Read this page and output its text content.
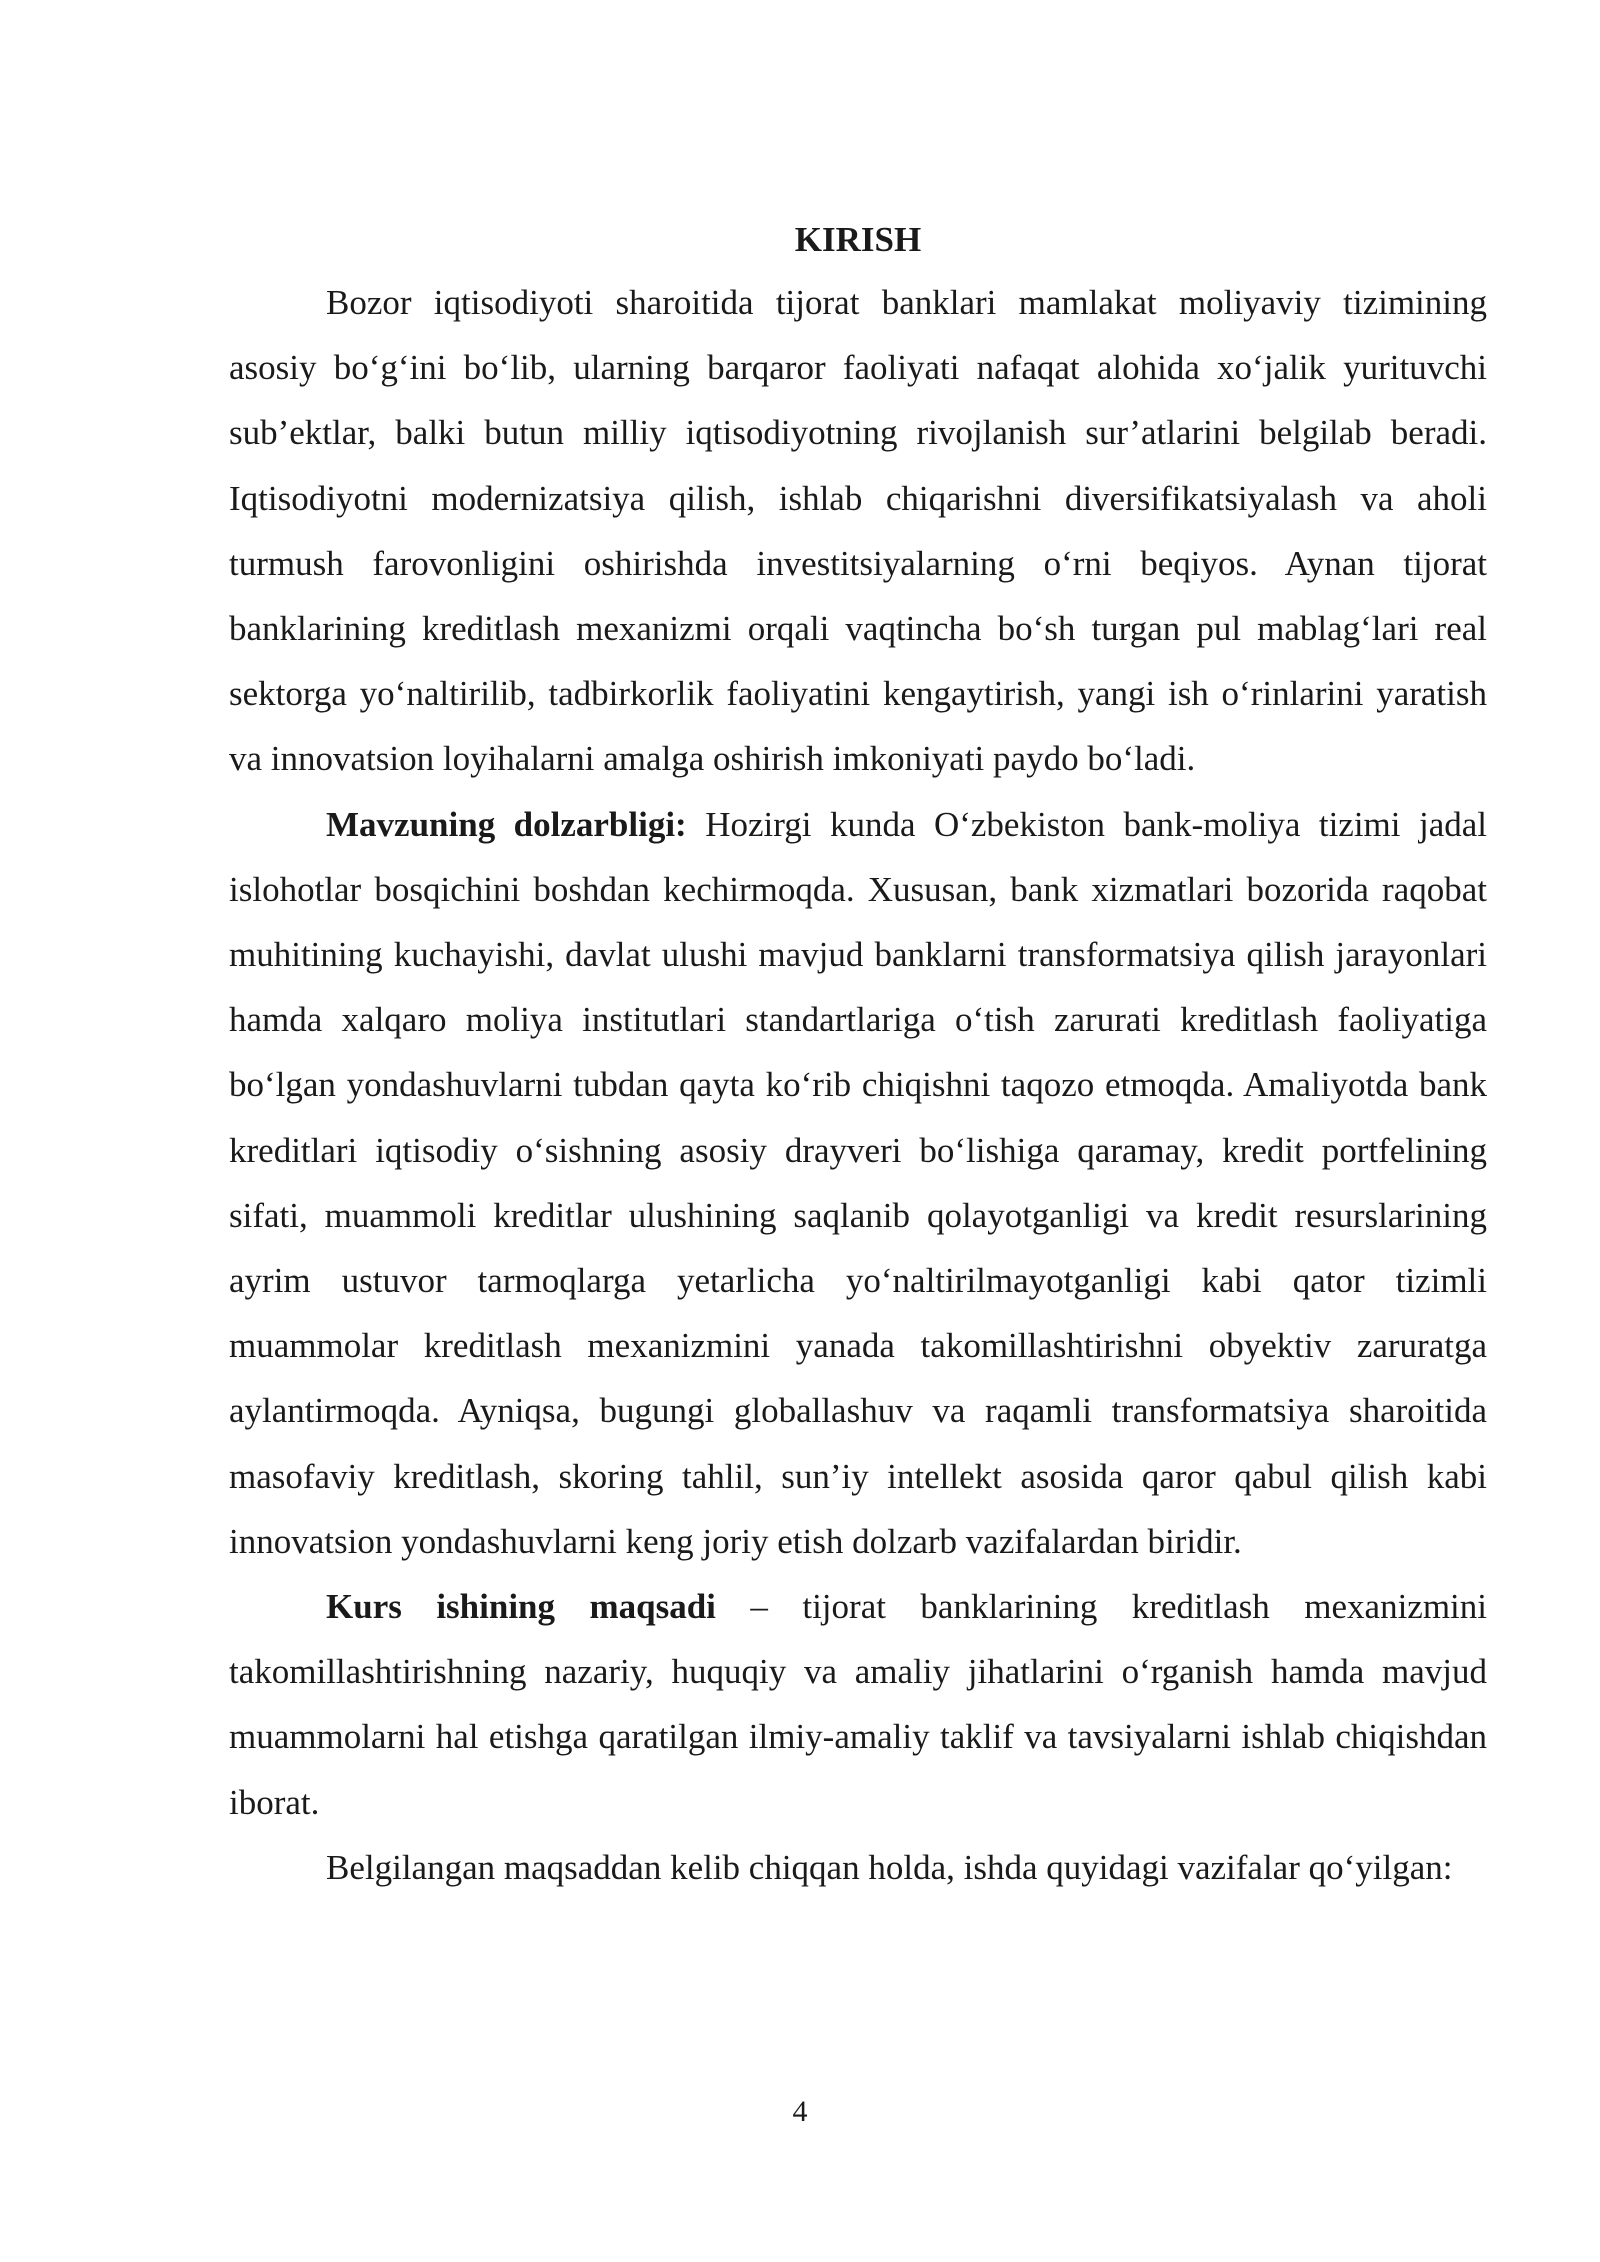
KIRISH

Bozor iqtisodiyoti sharoitida tijorat banklari mamlakat moliyaviy tizimining asosiy bo‘g‘ini bo‘lib, ularning barqaror faoliyati nafaqat alohida xo‘jalik yurituvchi sub’ektlar, balki butun milliy iqtisodiyotning rivojlanish sur’atlarini belgilab beradi. Iqtisodiyotni modernizatsiya qilish, ishlab chiqarishni diversifikatsiyalash va aholi turmush farovonligini oshirishda investitsiyalarning o‘rni beqiyos. Aynan tijorat banklarining kreditlash mexanizmi orqali vaqtincha bo‘sh turgan pul mablag‘lari real sektorga yo‘naltirilib, tadbirkorlik faoliyatini kengaytirish, yangi ish o‘rinlarini yaratish va innovatsion loyihalarni amalga oshirish imkoniyati paydo bo‘ladi.

Mavzuning dolzarbligi: Hozirgi kunda O‘zbekiston bank-moliya tizimi jadal islohotlar bosqichini boshdan kechirmoqda. Xususan, bank xizmatlari bozorida raqobat muhitining kuchayishi, davlat ulushi mavjud banklarni transformatsiya qilish jarayonlari hamda xalqaro moliya institutlari standartlariga o‘tish zarurati kreditlash faoliyatiga bo‘lgan yondashuvlarni tubdan qayta ko‘rib chiqishni taqozo etmoqda. Amaliyotda bank kreditlari iqtisodiy o‘sishning asosiy drayveri bo‘lishiga qaramay, kredit portfelining sifati, muammoli kreditlar ulushining saqlanib qolayotganligi va kredit resurslarining ayrim ustuvor tarmoqlarga yetarlicha yo‘naltirilmayotganligi kabi qator tizimli muammolar kreditlash mexanizmini yanada takomillashtirishni obyektiv zaruratga aylantirmoqda. Ayniqsa, bugungi globallashuv va raqamli transformatsiya sharoitida masofaviy kreditlash, skoring tahlil, sun’iy intellekt asosida qaror qabul qilish kabi innovatsion yondashuvlarni keng joriy etish dolzarb vazifalardan biridir.

Kurs ishining maqsadi – tijorat banklarining kreditlash mexanizmini takomillashtirishning nazariy, huquqiy va amaliy jihatlarini o‘rganish hamda mavjud muammolarni hal etishga qaratilgan ilmiy-amaliy taklif va tavsiyalarni ishlab chiqishdan iborat.

Belgilangan maqsaddan kelib chiqqan holda, ishda quyidagi vazifalar qo‘yilgan:

4
